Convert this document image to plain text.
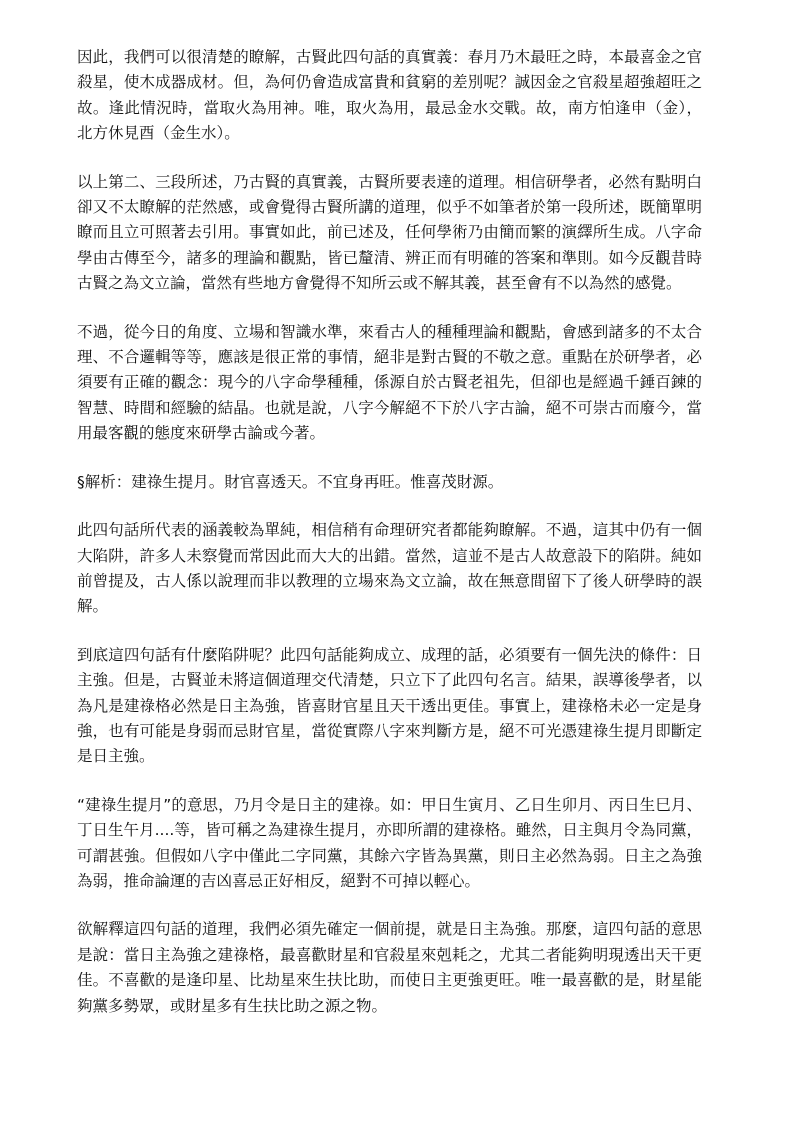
因此，我們可以很清楚的瞭解，古賢此四句話的真實義：春月乃木最旺之時，本最喜金之官殺星，使木成器成材。但，為何仍會造成富貴和貧窮的差別呢？誠因金之官殺星超強超旺之故。逢此情況時，當取火為用神。唯，取火為用，最忌金水交戰。故，南方怕逢申（金），北方休見酉（金生水）。

以上第二、三段所述，乃古賢的真實義，古賢所要表達的道理。相信研學者，必然有點明白卻又不太瞭解的茫然感，或會覺得古賢所講的道理，似乎不如筆者於第一段所述，既簡單明瞭而且立可照著去引用。事實如此，前已述及，任何學術乃由簡而繁的演繹所生成。八字命學由古傳至今，諸多的理論和觀點，皆已釐清、辨正而有明確的答案和準則。如今反觀昔時古賢之為文立論，當然有些地方會覺得不知所云或不解其義，甚至會有不以為然的感覺。

不過，從今日的角度、立場和智識水準，來看古人的種種理論和觀點，會感到諸多的不太合理、不合邏輯等等，應該是很正常的事情，絕非是對古賢的不敬之意。重點在於研學者，必須要有正確的觀念：現今的八字命學種種，係源自於古賢老祖先，但卻也是經過千錘百鍊的智慧、時間和經驗的結晶。也就是說，八字今解絕不下於八字古論，絕不可崇古而廢今，當用最客觀的態度來研學古論或今著。

§解析：建祿生提月。財官喜透天。不宜身再旺。惟喜茂財源。

此四句話所代表的涵義較為單純，相信稍有命理研究者都能夠瞭解。不過，這其中仍有一個大陷阱，許多人未察覺而常因此而大大的出錯。當然，這並不是古人故意設下的陷阱。純如前曾提及，古人係以說理而非以教理的立場來為文立論，故在無意間留下了後人研學時的誤解。

到底這四句話有什麼陷阱呢？此四句話能夠成立、成理的話，必須要有一個先決的條件：日主強。但是，古賢並未將這個道理交代清楚，只立下了此四句名言。結果，誤導後學者，以為凡是建祿格必然是日主為強，皆喜財官星且天干透出更佳。事實上，建祿格未必一定是身強，也有可能是身弱而忌財官星，當從實際八字來判斷方是，絕不可光憑建祿生提月即斷定是日主強。

“建祿生提月”的意思，乃月令是日主的建祿。如：甲日生寅月、乙日生卯月、丙日生巳月、丁日生午月....等，皆可稱之為建祿生提月，亦即所謂的建祿格。雖然，日主與月令為同黨，可謂甚強。但假如八字中僅此二字同黨，其餘六字皆為異黨，則日主必然為弱。日主之為強為弱，推命論運的吉凶喜忌正好相反，絕對不可掉以輕心。

欲解釋這四句話的道理，我們必須先確定一個前提，就是日主為強。那麼，這四句話的意思是說：當日主為強之建祿格，最喜歡財星和官殺星來剋耗之，尤其二者能夠明現透出天干更佳。不喜歡的是逢印星、比劫星來生扶比助，而使日主更強更旺。唯一最喜歡的是，財星能夠黨多勢眾，或財星多有生扶比助之源之物。
